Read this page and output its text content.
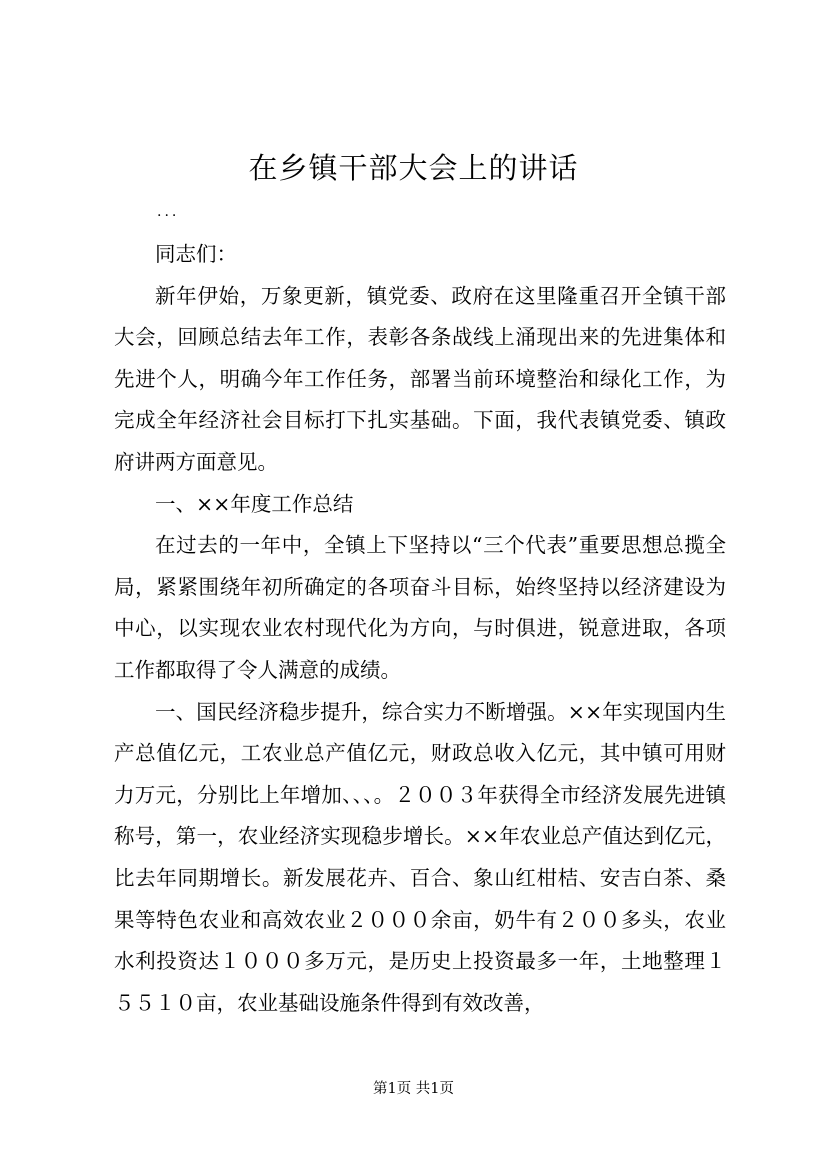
在乡镇干部大会上的讲话
...

同志们：

新年伊始，万象更新，镇党委、政府在这里隆重召开全镇干部大会，回顾总结去年工作，表彰各条战线上涌现出来的先进集体和先进个人，明确今年工作任务，部署当前环境整治和绿化工作，为完成全年经济社会目标打下扎实基础。下面，我代表镇党委、镇政府讲两方面意见。

一、××年度工作总结

在过去的一年中，全镇上下坚持以“三个代表”重要思想总揽全局，紧紧围绕年初所确定的各项奋斗目标，始终坚持以经济建设为中心，以实现农业农村现代化为方向，与时俱进，锐意进取，各项工作都取得了令人满意的成绩。

一、国民经济稳步提升，综合实力不断增强。××年实现国内生产总值亿元，工农业总产值亿元，财政总收入亿元，其中镇可用财力万元，分别比上年增加、、、。２００３年获得全市经济发展先进镇称号，第一，农业经济实现稳步增长。××年农业总产值达到亿元，比去年同期增长。新发展花卉、百合、象山红柑桔、安吉白茶、桑果等特色农业和高效农业２０００余亩，奶牛有２００多头，农业水利投资达１０００多万元，是历史上投资最多一年，土地整理１５５１０亩，农业基础设施条件得到有效改善，

第1页 共1页
